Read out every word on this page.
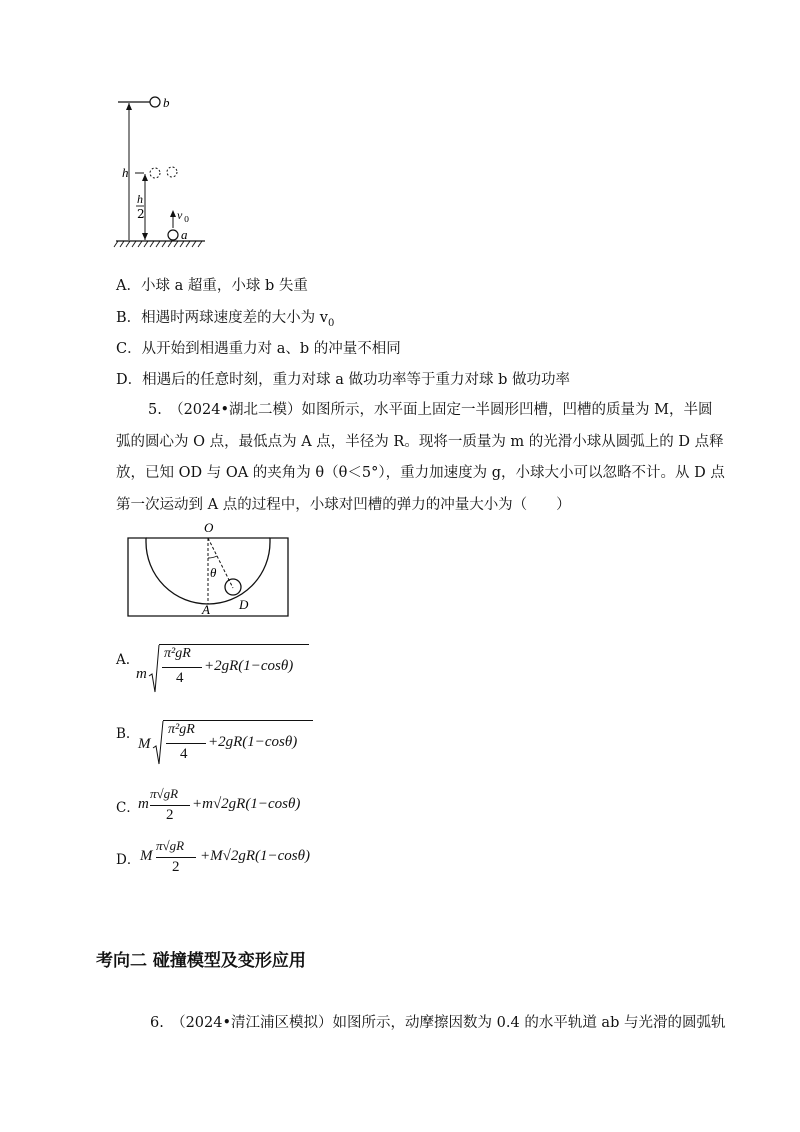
b
a
h
h
2	v 0
A．小球 a 超重，小球 b 失重
B．相遇时两球速度差的大小为 $v_0$
C．从开始到相遇重力对 a、b 的冲量不相同
D．相遇后的任意时刻，重力对球 a 做功功率等于重力对球 b 做功功率
5.　（2024•湖北二模）如图所示，水平面上固定一半圆形凹槽，凹槽的质量为 M，半圆
弧的圆心为 O 点，最低点为 A 点，半径为 R。现将一质量为 m 的光滑小球从圆弧上的 D 点释
放，已知 OD 与 OA 的夹角为 θ（θ＜5°），重力加速度为 g，小球大小可以忽略不计。从 D 点
第一次运动到 A 点的过程中，小球对凹槽的弹力的冲量大小为（　　）
O
θ
A D
A.
m
π²gR
4
+2gR(1−cosθ)
B.
M
π²gR
4
+2gR(1−cosθ)
C．
m
π√gR
2
+m√2gR(1−cosθ)
D． M
π√gR
2
+M√2gR(1−cosθ)
考向二 碰撞模型及变形应用
6.　（2024•清江浦区模拟）如图所示，动摩擦因数为 0.4 的水平轨道 ab 与光滑的圆弧轨
